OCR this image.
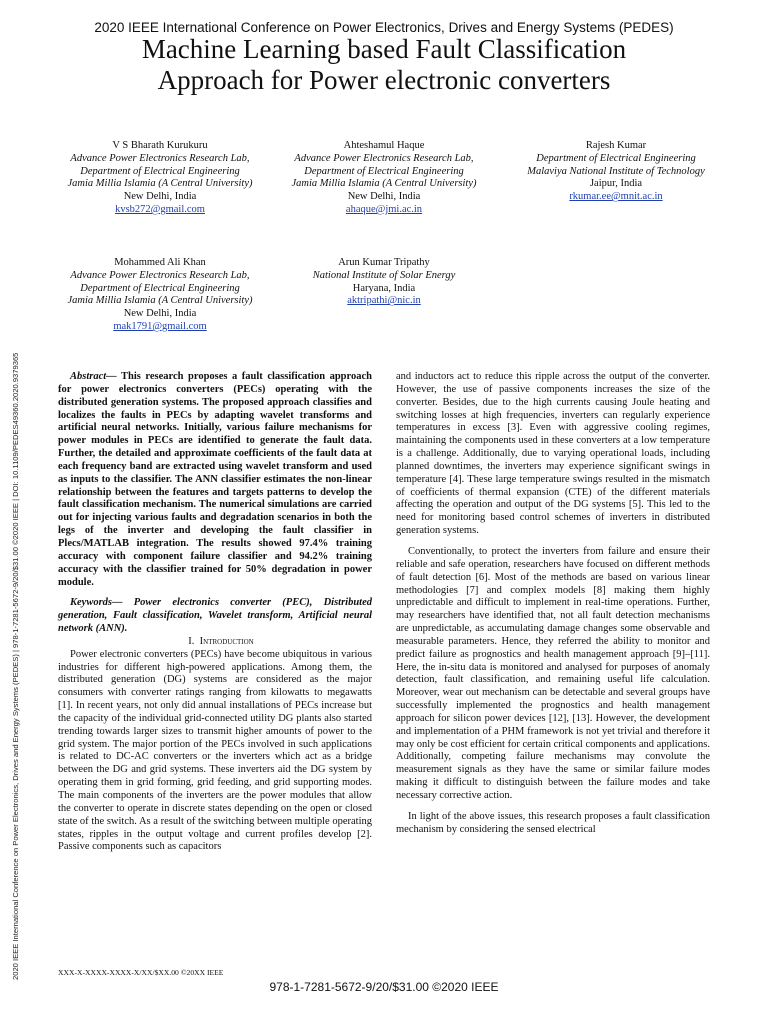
2020 IEEE International Conference on Power Electronics, Drives and Energy Systems (PEDES)
Machine Learning based Fault Classification
Approach for Power electronic converters
V S Bharath Kurukuru
Advance Power Electronics Research Lab, Department of Electrical Engineering
Jamia Millia Islamia (A Central University)
New Delhi, India
kvsb272@gmail.com
Ahteshamul Haque
Advance Power Electronics Research Lab, Department of Electrical Engineering
Jamia Millia Islamia (A Central University)
New Delhi, India
ahaque@jmi.ac.in
Rajesh Kumar
Department of Electrical Engineering
Malaviya National Institute of Technology
Jaipur, India
rkumar.ee@mnit.ac.in
Mohammed Ali Khan
Advance Power Electronics Research Lab, Department of Electrical Engineering
Jamia Millia Islamia (A Central University)
New Delhi, India
mak1791@gmail.com
Arun Kumar Tripathy
National Institute of Solar Energy
Haryana, India
aktripathi@nic.in

Abstract— This research proposes a fault classification approach for power electronics converters (PECs) operating with the distributed generation systems. The proposed approach classifies and localizes the faults in PECs by adapting wavelet transforms and artificial neural networks. Initially, various failure mechanisms for power modules in PECs are identified to generate the fault data. Further, the detailed and approximate coefficients of the fault data at each frequency band are extracted using wavelet transform and used as inputs to the classifier. The ANN classifier estimates the non-linear relationship between the features and targets patterns to develop the fault classification mechanism. The numerical simulations are carried out for injecting various faults and degradation scenarios in both the legs of the inverter and developing the fault classifier in Plecs/MATLAB integration. The results showed 97.4% training accuracy with component failure classifier and 94.2% training accuracy with the classifier trained for 50% degradation in power module.

Keywords— Power electronics converter (PEC), Distributed generation, Fault classification, Wavelet transform, Artificial neural network (ANN).

I. Introduction

Power electronic converters (PECs) have become ubiquitous in various industries for different high-powered applications. Among them, the distributed generation (DG) systems are considered as the major consumers with converter ratings ranging from kilowatts to megawatts [1]. In recent years, not only did annual installations of PECs increase but the capacity of the individual grid-connected utility DG plants also started trending towards larger sizes to transmit higher amounts of power to the grid system. The major portion of the PECs involved in such applications is related to DC-AC converters or the inverters which act as a bridge between the DG and grid systems. These inverters aid the DG system by operating them in grid forming, grid feeding, and grid supporting modes. The main components of the inverters are the power modules that allow the converter to operate in discrete states depending on the open or closed state of the switch. As a result of the switching between multiple operating states, ripples in the output voltage and current profiles develop [2]. Passive components such as capacitors

and inductors act to reduce this ripple across the output of the converter. However, the use of passive components increases the size of the converter. Besides, due to the high currents causing Joule heating and switching losses at high frequencies, inverters can regularly experience temperatures in excess [3]. Even with aggressive cooling regimes, maintaining the components used in these converters at a low temperature is a challenge. Additionally, due to varying operational loads, including planned downtimes, the inverters may experience significant swings in temperature [4]. These large temperature swings resulted in the mismatch of coefficients of thermal expansion (CTE) of the different materials affecting the operation and output of the DG systems [5]. This led to the need for monitoring based control schemes of inverters in distributed generation systems.

Conventionally, to protect the inverters from failure and ensure their reliable and safe operation, researchers have focused on different methods of fault detection [6]. Most of the methods are based on various linear methodologies [7] and complex models [8] making them highly unpredictable and difficult to implement in real-time operations. Further, may researchers have identified that, not all fault detection mechanisms are unpredictable, as accumulating damage changes some observable and measurable parameters. Hence, they referred the ability to monitor and predict failure as prognostics and health management approach [9]–[11]. Here, the in-situ data is monitored and analysed for purposes of anomaly detection, fault classification, and remaining useful life calculation. Moreover, wear out mechanism can be detectable and several groups have successfully implemented the prognostics and health management approach for silicon power devices [12], [13]. However, the development and implementation of a PHM framework is not yet trivial and therefore it may only be cost efficient for certain critical components and applications. Additionally, competing failure mechanisms may convolute the measurement signals as they have the same or similar failure modes making it difficult to distinguish between the failure modes and take necessary corrective action.

In light of the above issues, this research proposes a fault classification mechanism by considering the sensed electrical

2020 IEEE International Conference on Power Electronics, Drives and Energy Systems (PEDES) | 978-1-7281-5672-9/20/$31.00 ©2020 IEEE | DOI: 10.1109/PEDES49360.2020.9379365	XXX-X-XXXX-XXXX-X/XX/$XX.00 ©20XX IEEE
978-1-7281-5672-9/20/$31.00 ©2020 IEEE
